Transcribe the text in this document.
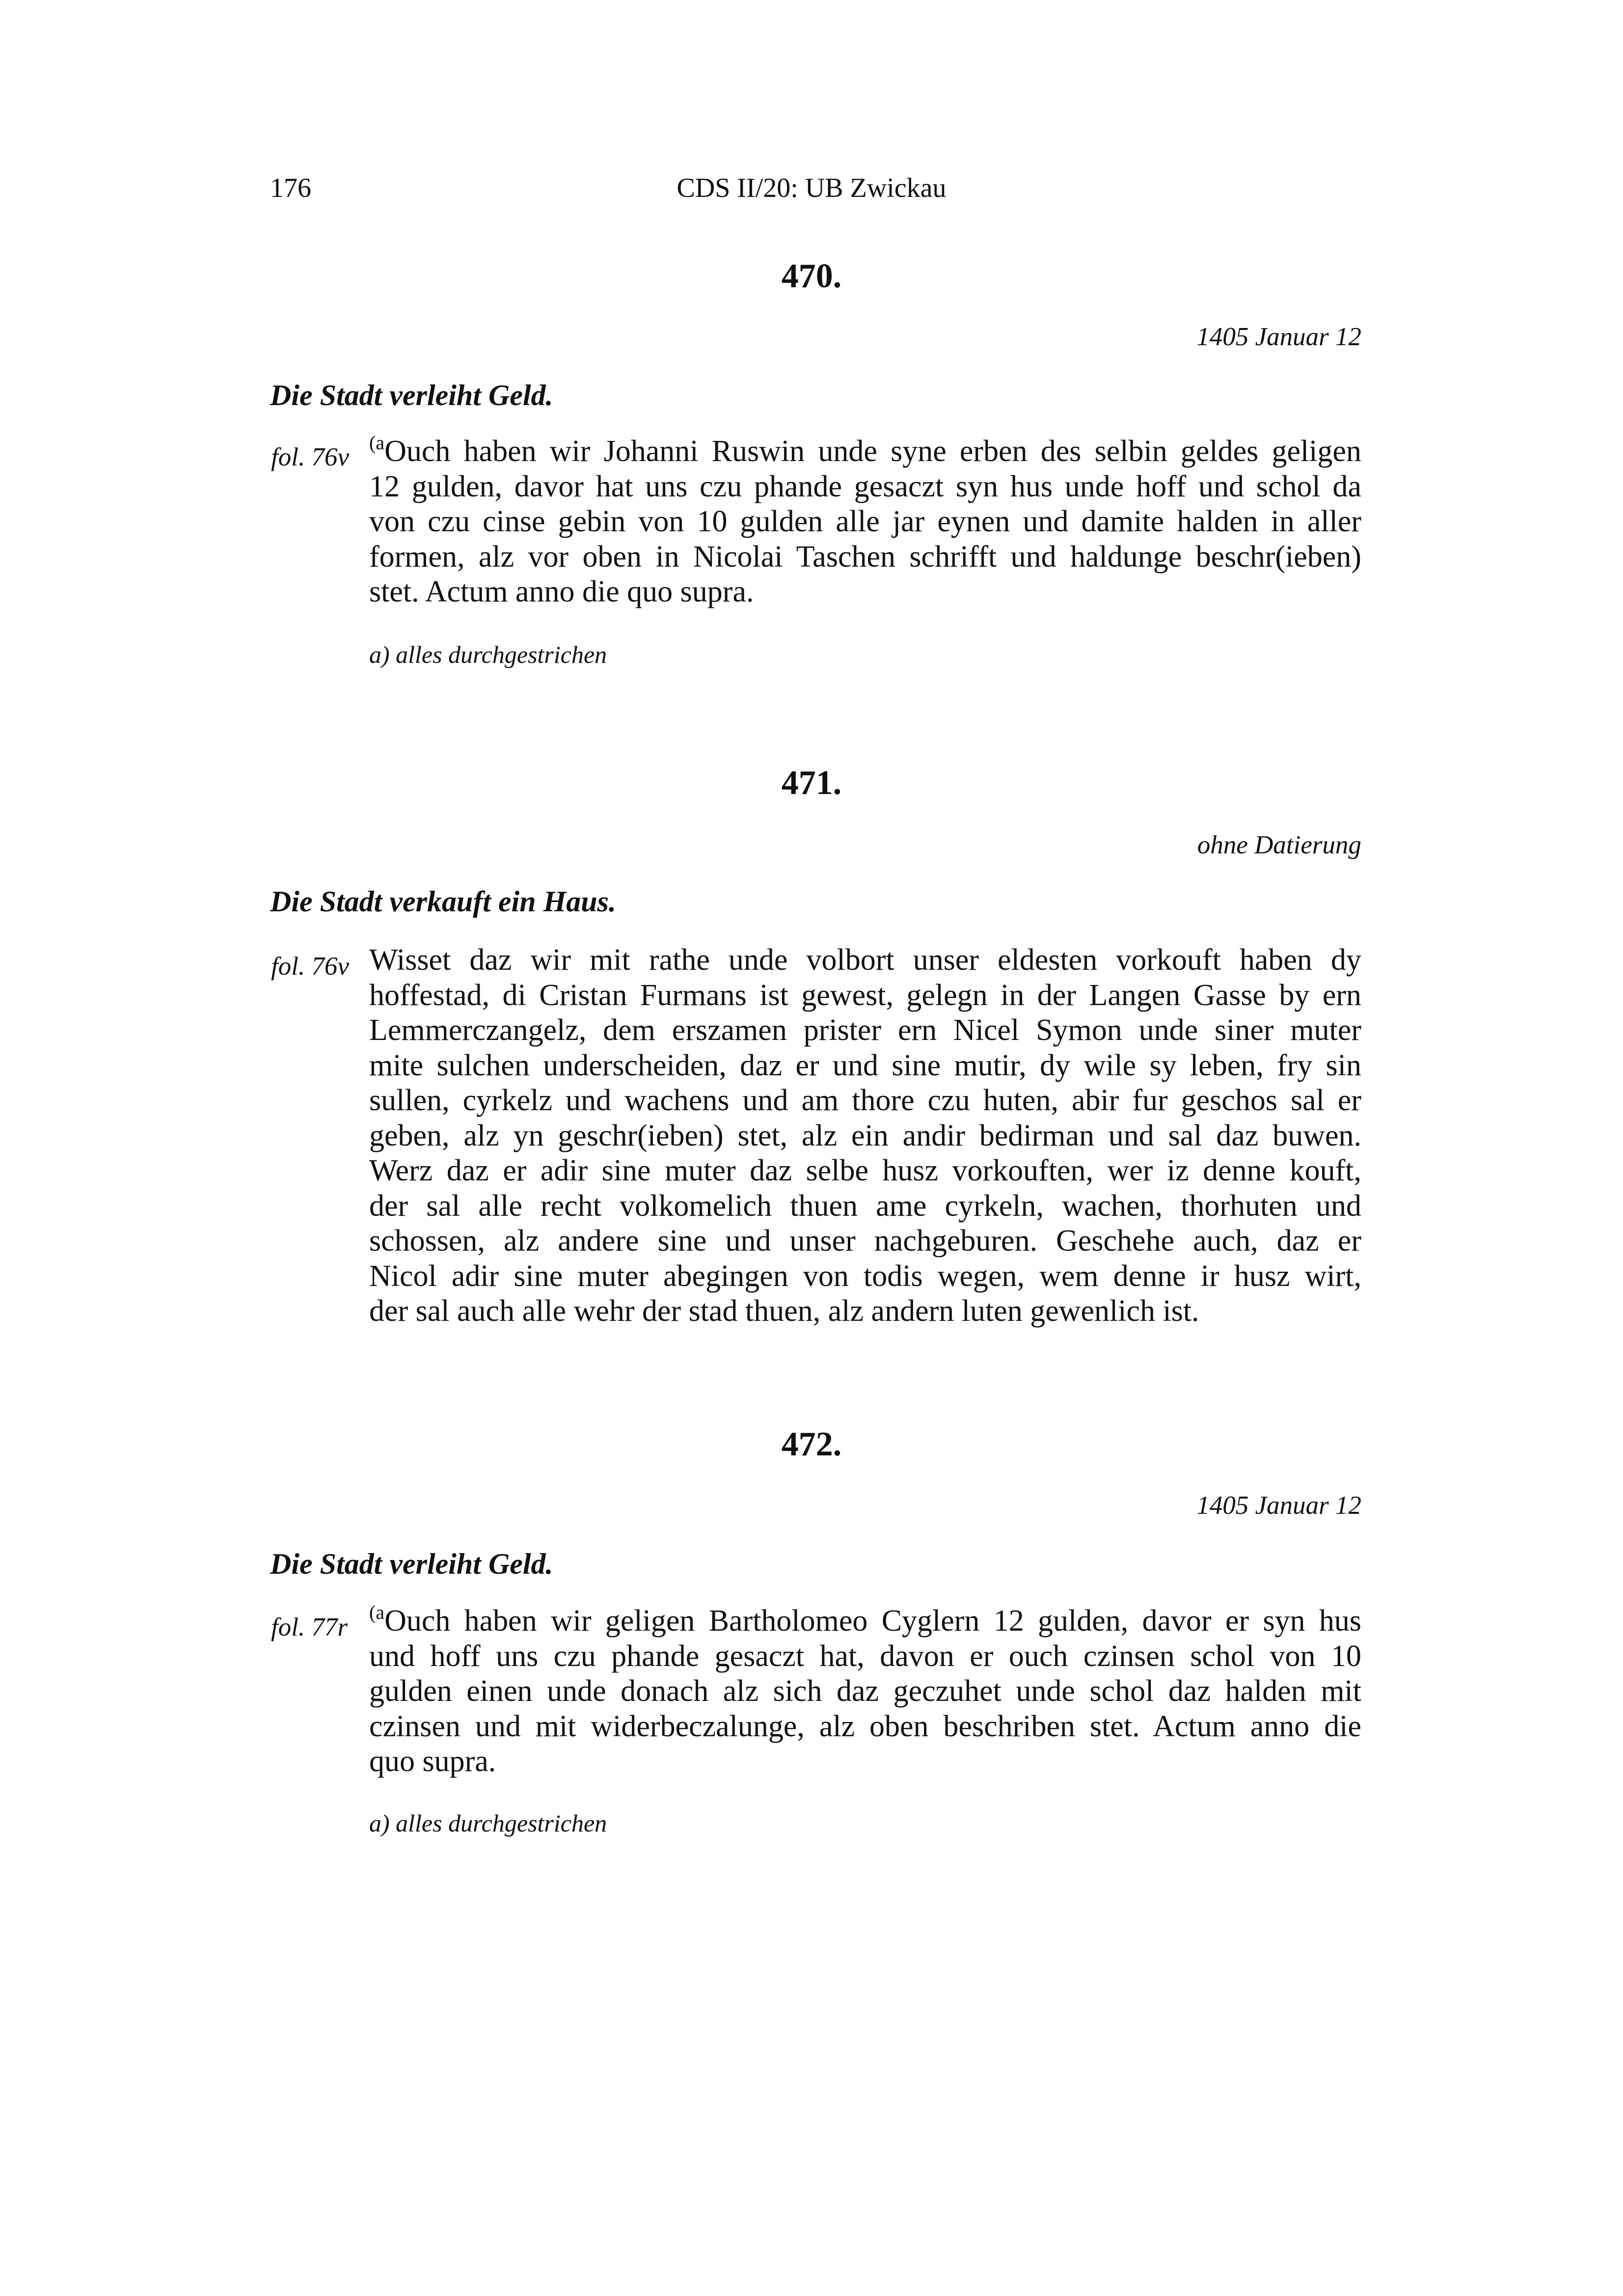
176	CDS II/20: UB Zwickau
470.
1405 Januar 12
Die Stadt verleiht Geld.
fol. 76v
$^{(a}$Ouch haben wir Johanni Ruswin unde syne erben des selbin geldes geligen
12 gulden, davor hat uns czu phande gesaczt syn hus unde hoff und schol da
von czu cinse gebin von 10 gulden alle jar eynen und damite halden in aller
formen, alz vor oben in Nicolai Taschen schrifft und haldunge beschr(ieben)
stet. Actum anno die quo supra.
a) alles durchgestrichen
471.
ohne Datierung
Die Stadt verkauft ein Haus.
fol. 76v Wisset daz wir mit rathe unde volbort unser eldesten vorkouft haben dy
hoffestad, di Cristan Furmans ist gewest, gelegn in der Langen Gasse by ern
Lemmerczangelz, dem erszamen prister ern Nicel Symon unde siner muter
mite sulchen underscheiden, daz er und sine mutir, dy wile sy leben, fry sin
sullen, cyrkelz und wachens und am thore czu huten, abir fur geschos sal er
geben, alz yn geschr(ieben) stet, alz ein andir bedirman und sal daz buwen.
Werz daz er adir sine muter daz selbe husz vorkouften, wer iz denne kouft,
der sal alle recht volkomelich thuen ame cyrkeln, wachen, thorhuten und
schossen, alz andere sine und unser nachgeburen. Geschehe auch, daz er
Nicol adir sine muter abegingen von todis wegen, wem denne ir husz wirt,
der sal auch alle wehr der stad thuen, alz andern luten gewenlich ist.
472.
1405 Januar 12
Die Stadt verleiht Geld.
fol. 77r
$^{(a}$Ouch haben wir geligen Bartholomeo Cyglern 12 gulden, davor er syn hus
und hoff uns czu phande gesaczt hat, davon er ouch czinsen schol von 10
gulden einen unde donach alz sich daz geczuhet unde schol daz halden mit
czinsen und mit widerbeczalunge, alz oben beschriben stet. Actum anno die
quo supra.
a) alles durchgestrichen
